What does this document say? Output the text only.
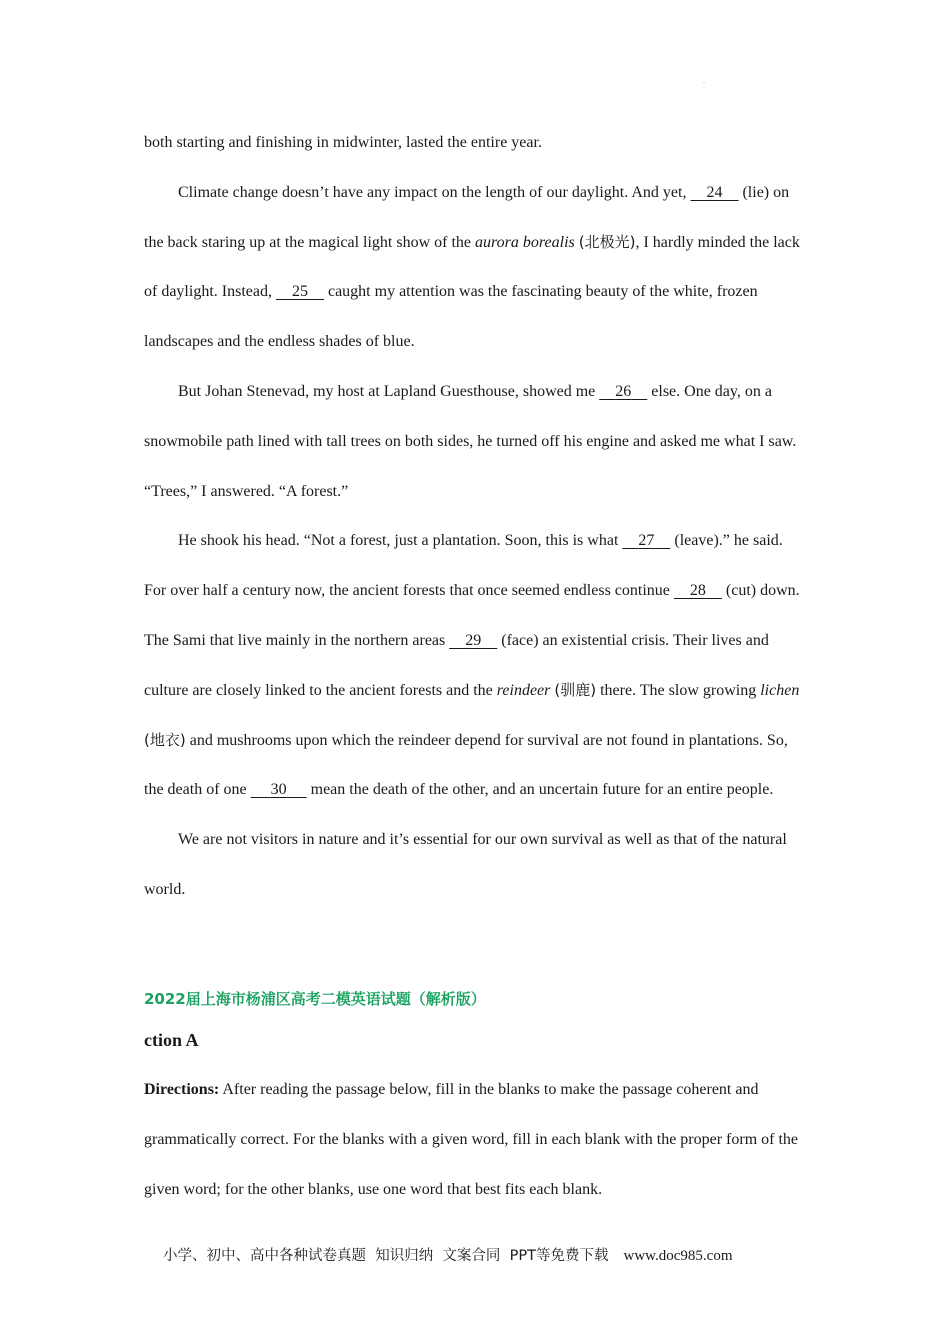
.

both starting and finishing in midwinter, lasted the entire year.

Climate change doesn’t have any impact on the length of our daylight. And yet,     24     (lie) on the back staring up at the magical light show of the aurora borealis (北极光), I hardly minded the lack of daylight. Instead,     25     caught my attention was the fascinating beauty of the white, frozen landscapes and the endless shades of blue.

But Johan Stenevad, my host at Lapland Guesthouse, showed me     26     else. One day, on a snowmobile path lined with tall trees on both sides, he turned off his engine and asked me what I saw. “Trees,” I answered. “A forest.”

He shook his head. “Not a forest, just a plantation. Soon, this is what     27     (leave).” he said. For over half a century now, the ancient forests that once seemed endless continue     28     (cut) down. The Sami that live mainly in the northern areas     29     (face) an existential crisis. Their lives and culture are closely linked to the ancient forests and the reindeer (驯鹿) there. The slow growing lichen (地衣) and mushrooms upon which the reindeer depend for survival are not found in plantations. So, the death of one      30      mean the death of the other, and an uncertain future for an entire people.

We are not visitors in nature and it’s essential for our own survival as well as that of the natural world.

2022届上海市杨浦区高考二模英语试题（解析版）
ction A

Directions: After reading the passage below, fill in the blanks to make the passage coherent and grammatically correct. For the blanks with a given word, fill in each blank with the proper form of the given word; for the other blanks, use one word that best fits each blank.

小学、初中、高中各种试卷真题  知识归纳  文案合同  PPT等免费下载 www.doc985.com
